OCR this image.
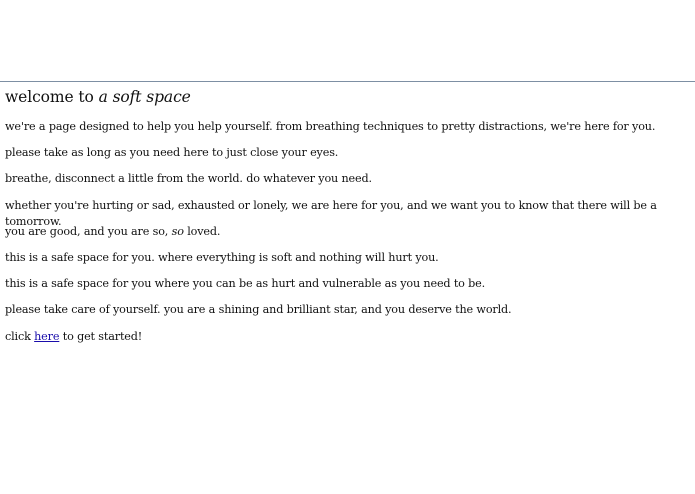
welcome to a soft space

we're a page designed to help you help yourself. from breathing techniques to pretty distractions, we're here for you.

please take as long as you need here to just close your eyes.

breathe, disconnect a little from the world. do whatever you need.

whether you're hurting or sad, exhausted or lonely, we are here for you, and we want you to know that there will be a tomorrow.

you are good, and you are so, so loved.

this is a safe space for you. where everything is soft and nothing will hurt you.

this is a safe space for you where you can be as hurt and vulnerable as you need to be.

please take care of yourself. you are a shining and brilliant star, and you deserve the world.

click here to get started!
